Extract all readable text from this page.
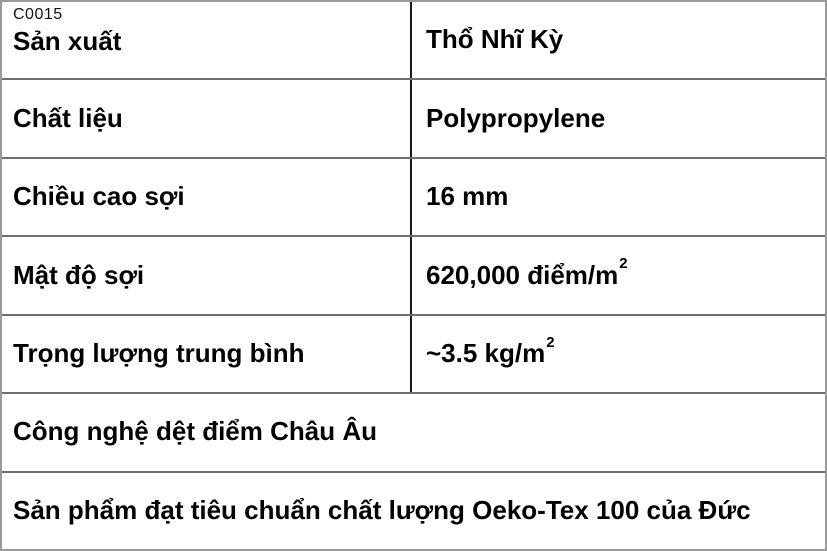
C0015
Sản xuất	Thổ Nhĩ Kỳ
Chất liệu	Polypropylene
Chiều cao sợi	16 mm
Mật độ sợi	620,000 điểm/$m^2$
Trọng lượng trung bình	~3.5 $kg/m^2$
Công nghệ dệt điểm Châu Âu
Sản phẩm đạt tiêu chuẩn chất lượng Oeko-Tex 100 của Đức
